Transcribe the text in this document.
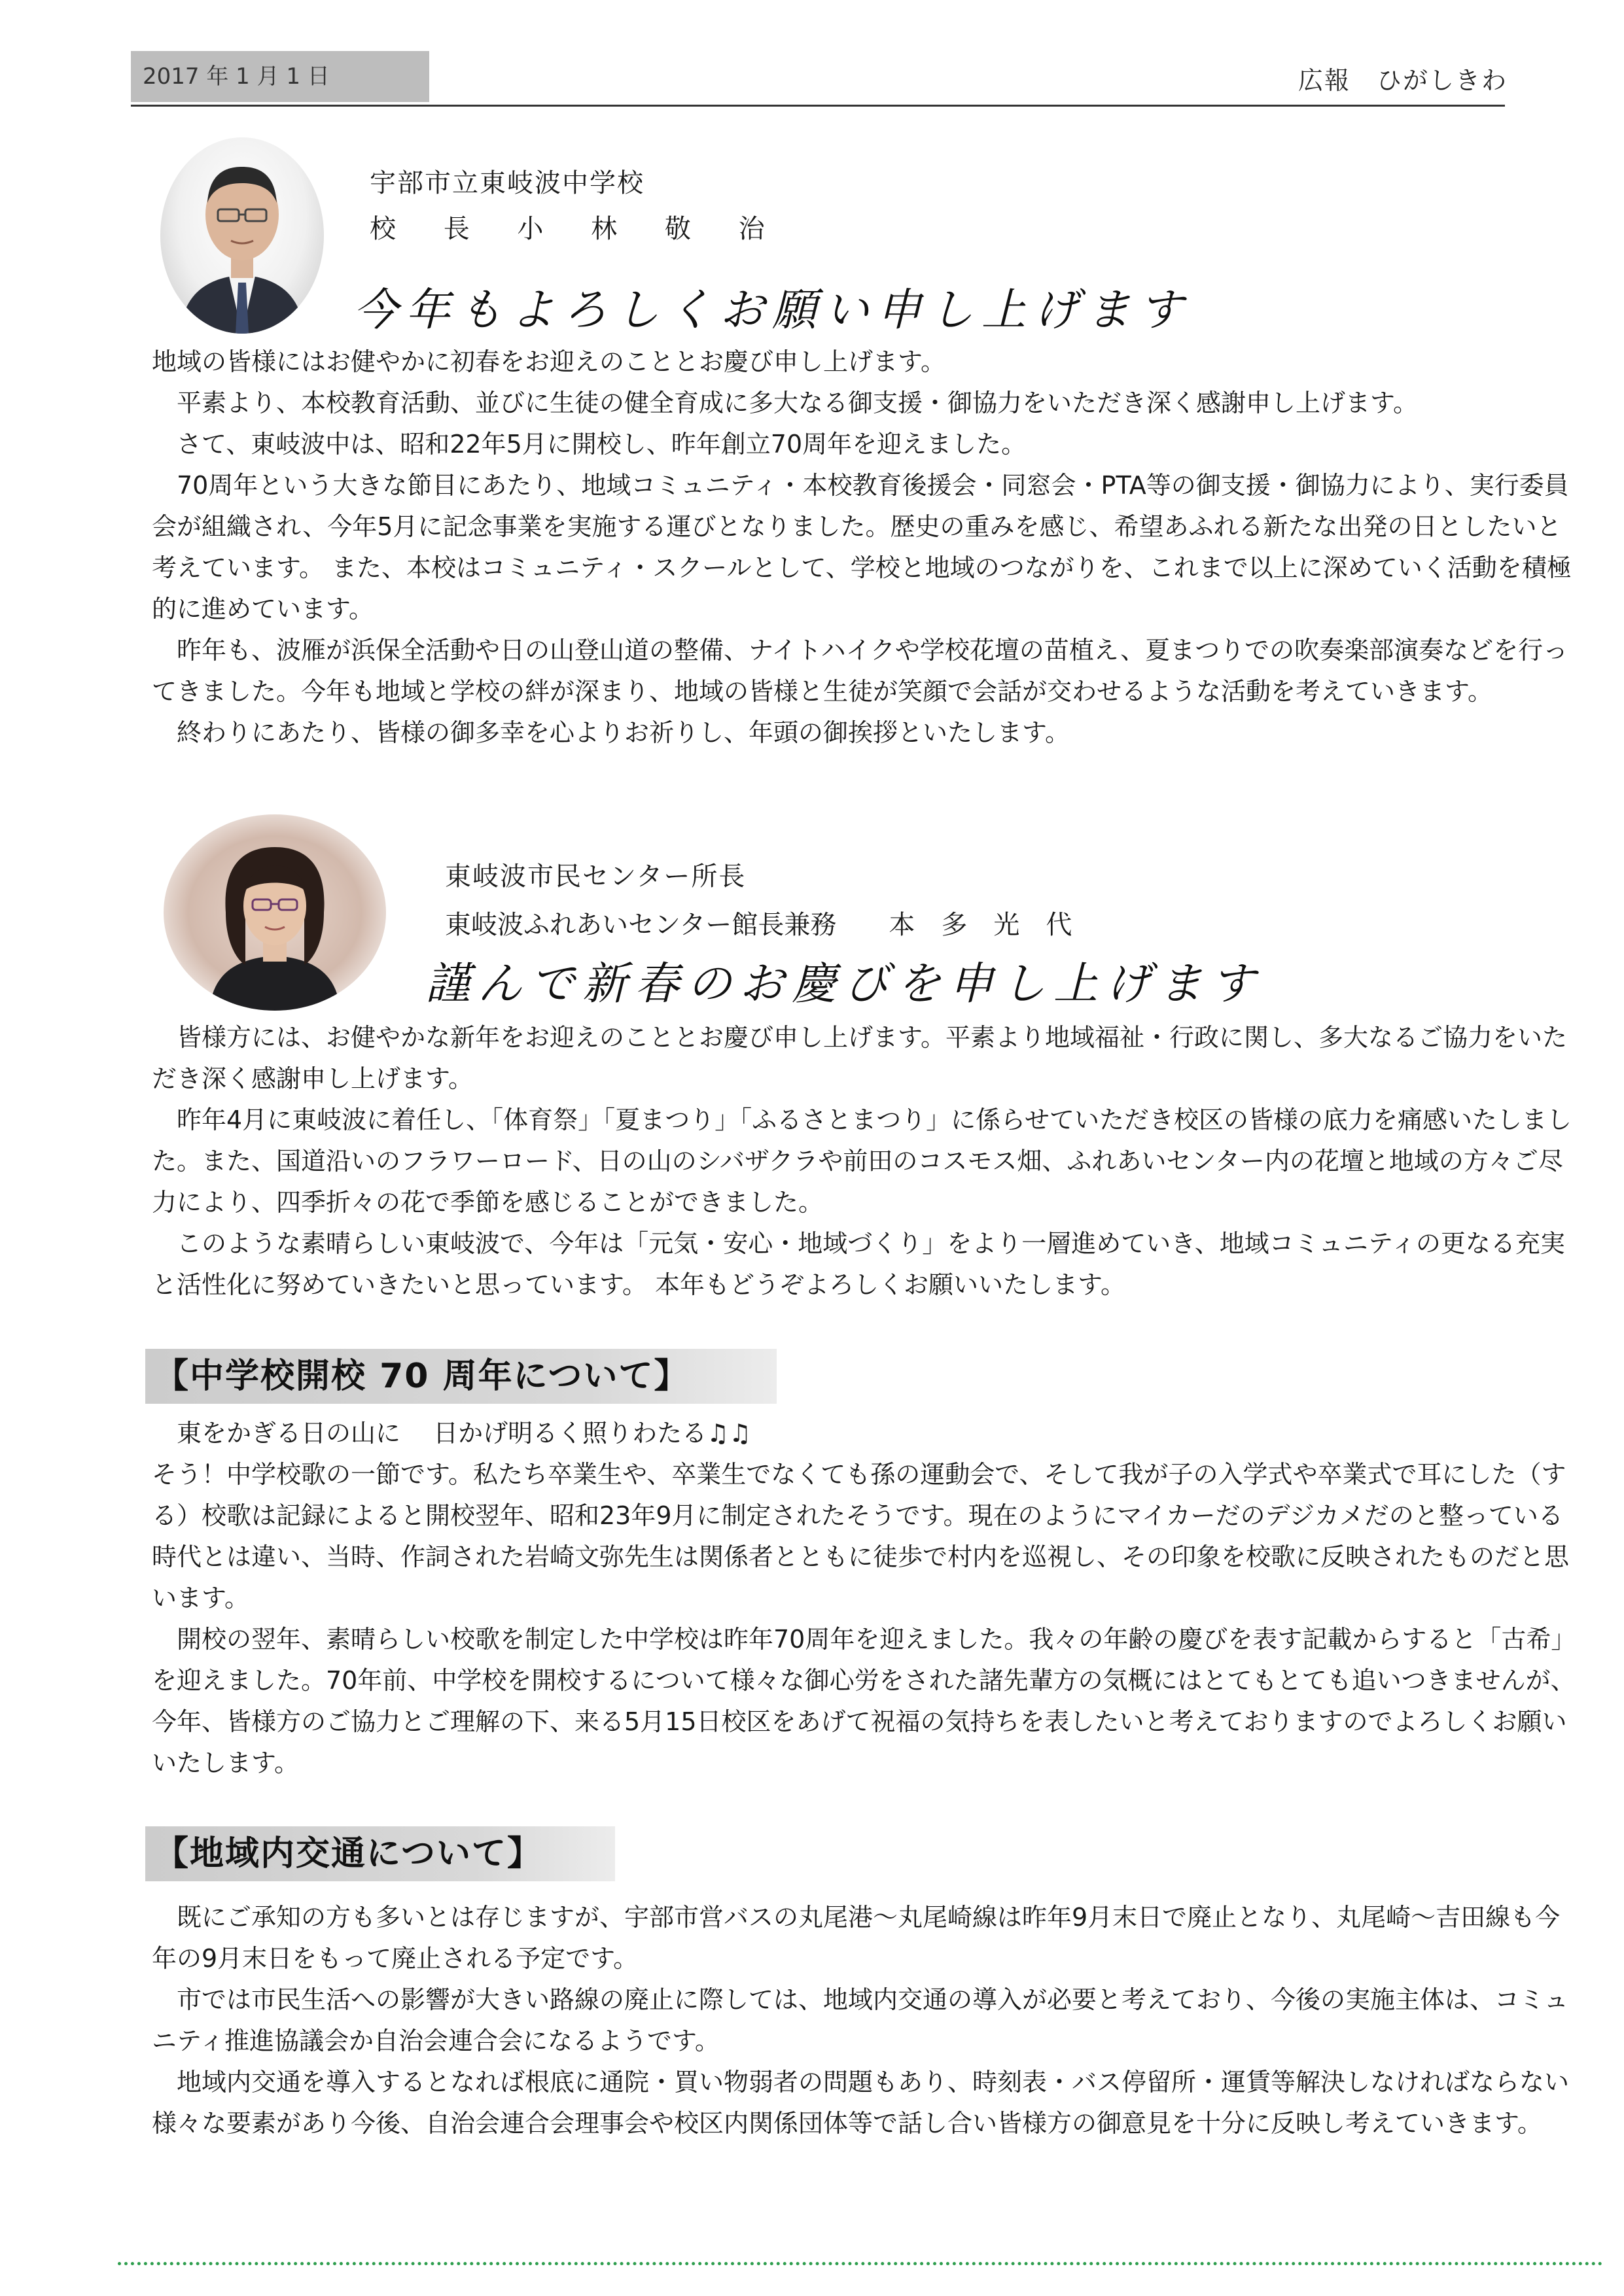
2017 年 1 月 1 日	広報　ひがしきわ
宇部市立東岐波中学校
校 長 小 林 敬 治
今年もよろしくお願い申し上げます

地域の皆様にはお健やかに初春をお迎えのこととお慶び申し上げます。

　平素より、本校教育活動、並びに生徒の健全育成に多大なる御支援・御協力をいただき深く感謝申し上げます。

　さて、東岐波中は、昭和22年5月に開校し、昨年創立70周年を迎えました。

　70周年という大きな節目にあたり、地域コミュニティ・本校教育後援会・同窓会・PTA等の御支援・御協力により、実行委員会が組織され、今年5月に記念事業を実施する運びとなりました。歴史の重みを感じ、希望あふれる新たな出発の日としたいと考えています。 また、本校はコミュニティ・スクールとして、学校と地域のつながりを、これまで以上に深めていく活動を積極的に進めています。

　昨年も、波雁が浜保全活動や日の山登山道の整備、ナイトハイクや学校花壇の苗植え、夏まつりでの吹奏楽部演奏などを行ってきました。今年も地域と学校の絆が深まり、地域の皆様と生徒が笑顔で会話が交わせるような活動を考えていきます。

　終わりにあたり、皆様の御多幸を心よりお祈りし、年頭の御挨拶といたします。

東岐波市民センター所長
東岐波ふれあいセンター館長兼務　　本　多　光　代
謹んで新春のお慶びを申し上げます

　皆様方には、お健やかな新年をお迎えのこととお慶び申し上げます。平素より地域福祉・行政に関し、多大なるご協力をいただき深く感謝申し上げます。

　昨年4月に東岐波に着任し、「体育祭」「夏まつり」「ふるさとまつり」に係らせていただき校区の皆様の底力を痛感いたしました。また、国道沿いのフラワーロード、日の山のシバザクラや前田のコスモス畑、ふれあいセンター内の花壇と地域の方々ご尽力により、四季折々の花で季節を感じることができました。

　このような素晴らしい東岐波で、今年は「元気・安心・地域づくり」をより一層進めていき、地域コミュニティの更なる充実と活性化に努めていきたいと思っています。 本年もどうぞよろしくお願いいたします。

【中学校開校 70 周年について】

　東をかぎる日の山に　 日かげ明るく照りわたる♫♫

そう！中学校歌の一節です。私たち卒業生や、卒業生でなくても孫の運動会で、そして我が子の入学式や卒業式で耳にした（する）校歌は記録によると開校翌年、昭和23年9月に制定されたそうです。現在のようにマイカーだのデジカメだのと整っている時代とは違い、当時、作詞された岩崎文弥先生は関係者とともに徒歩で村内を巡視し、その印象を校歌に反映されたものだと思います。

　開校の翌年、素晴らしい校歌を制定した中学校は昨年70周年を迎えました。我々の年齢の慶びを表す記載からすると「古希」を迎えました。70年前、中学校を開校するについて様々な御心労をされた諸先輩方の気概にはとてもとても追いつきませんが、今年、皆様方のご協力とご理解の下、来る5月15日校区をあげて祝福の気持ちを表したいと考えておりますのでよろしくお願いいたします。

【地域内交通について】

　既にご承知の方も多いとは存じますが、宇部市営バスの丸尾港～丸尾崎線は昨年9月末日で廃止となり、丸尾崎～吉田線も今年の9月末日をもって廃止される予定です。

　市では市民生活への影響が大きい路線の廃止に際しては、地域内交通の導入が必要と考えており、今後の実施主体は、コミュニティ推進協議会か自治会連合会になるようです。

　地域内交通を導入するとなれば根底に通院・買い物弱者の問題もあり、時刻表・バス停留所・運賃等解決しなければならない様々な要素があり今後、自治会連合会理事会や校区内関係団体等で話し合い皆様方の御意見を十分に反映し考えていきます。
